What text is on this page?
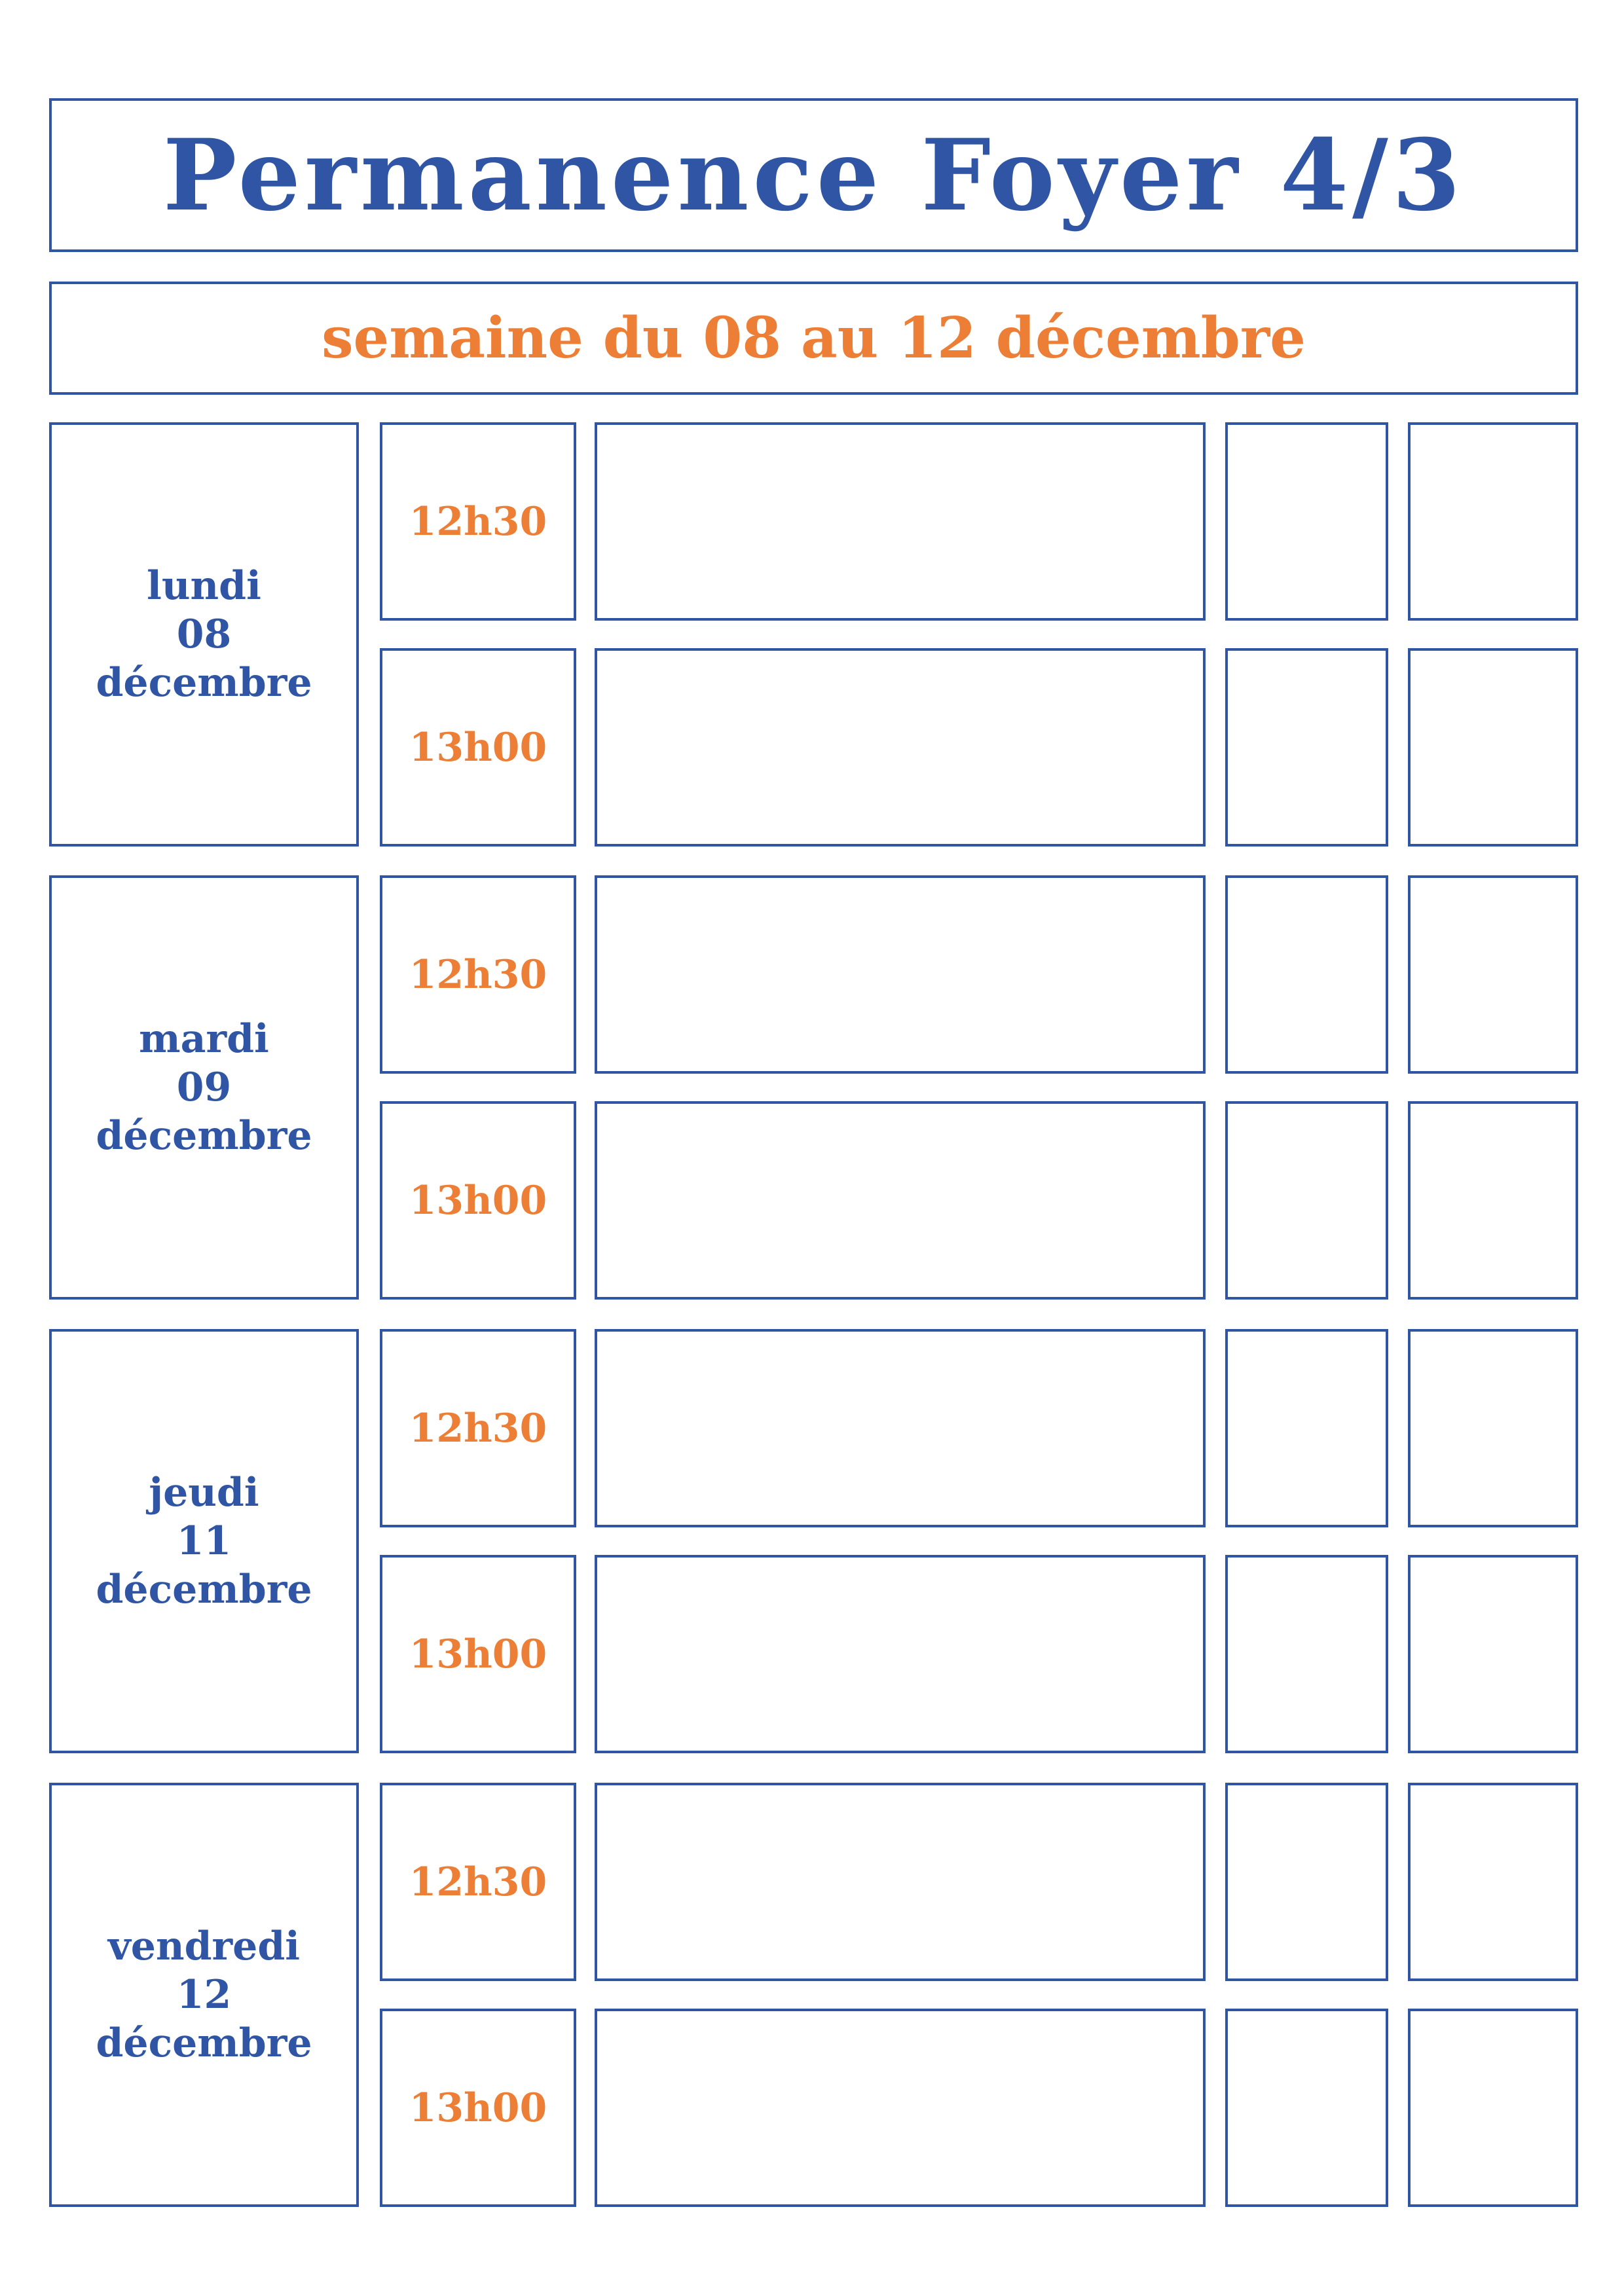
Permanence Foyer 4/3
semaine du 08 au 12 décembre
lundi
08
décembre
12h30
13h00
mardi
09
décembre
12h30
13h00
jeudi
11
décembre
12h30
13h00
vendredi
12
décembre
12h30
13h00
